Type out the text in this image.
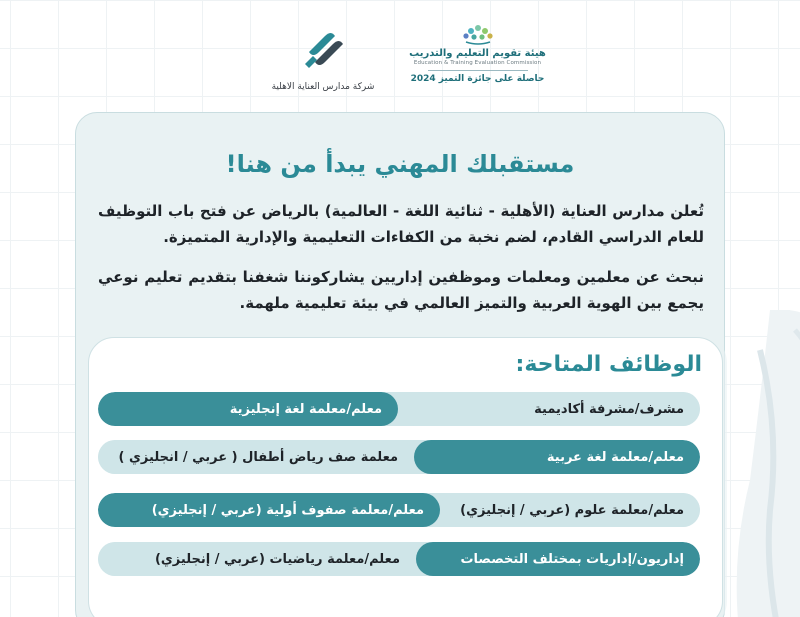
شركة مدارس العناية الاهلية
هيئة تقويم التعليم والتدريب
Education & Training Evaluation Commission
حاصلة على جائزة التميز 2024
مستقبلك المهني يبدأ من هنا!

تُعلن مدارس العناية (الأهلية - ثنائية اللغة - العالمية) بالرياض عن فتح باب التوظيف للعام الدراسي القادم، لضم نخبة من الكفاءات التعليمية والإدارية المتميزة.

نبحث عن معلمين ومعلمات وموظفين إداريين يشاركوننا شغفنا بتقديم تعليم نوعي يجمع بين الهوية العربية والتميز العالمي في بيئة تعليمية ملهمة.

الوظائف المتاحة:
معلم/معلمة لغة إنجليزية	مشرف/مشرفة أكاديمية
معلمة صف رياض أطفال ( عربي / انجليزي )	معلم/معلمة لغة عربية
معلم/معلمة صفوف أولية (عربي / إنجليزي)	معلم/معلمة علوم (عربي / إنجليزي)
معلم/معلمة رياضيات (عربي / إنجليزي)	إداريون/إداريات بمختلف التخصصات
